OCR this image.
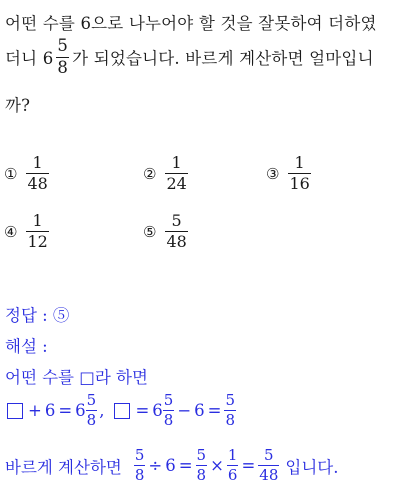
어떤 수를 6으로 나누어야 할 것을 잘못하여 더하였
더니 $6 \frac{5}{8}$ 가 되었습니다. 바르게 계산하면 얼마입니
까?
① $\frac{1}{48}$	② $\frac{1}{24}$	③ $\frac{1}{16}$
④ $\frac{1}{12}$	⑤ $\frac{5}{48}$
정답 : ⑤
해설 :
어떤 수를 □라 하면
+ $6 = 6 \frac{5}{8}$ , = $6 \frac{5}{8} - 6 = \frac{5}{8}$
바르게 계산하면 $\frac{5}{8} \div 6 = \frac{5}{8} \times \frac{1}{6} = \frac{5}{48}$ 입니다.
